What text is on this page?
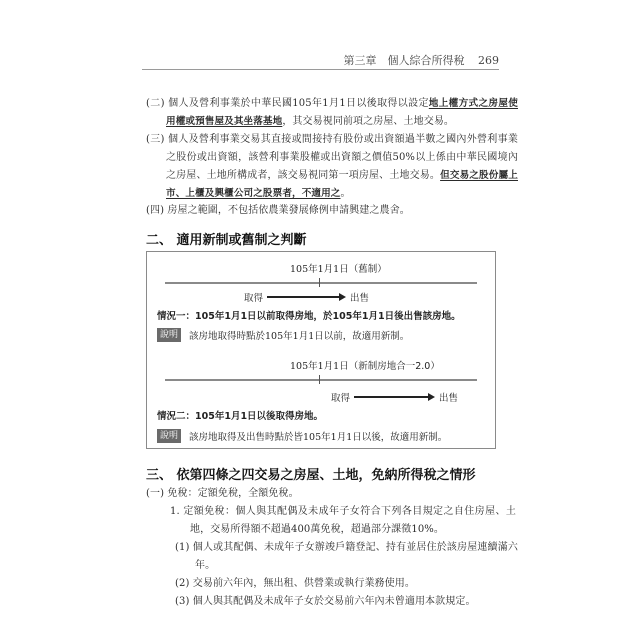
第三章　個人綜合所得稅 269
(二) 個人及營利事業於中華民國105年1月1日以後取得以設定地上權方式之房屋使用權或預售屋及其坐落基地，其交易視同前項之房屋、土地交易。
(三) 個人及營利事業交易其直接或間接持有股份或出資額過半數之國內外營利事業之股份或出資額，該營利事業股權或出資額之價值50%以上係由中華民國境內之房屋、土地所構成者，該交易視同第一項房屋、土地交易。但交易之股份屬上市、上櫃及興櫃公司之股票者，不適用之。
(四) 房屋之範圍，不包括依農業發展條例申請興建之農舍。
二、 適用新制或舊制之判斷
105年1月1日（舊制）
取得	出售
情況一：105年1月1日以前取得房地，於105年1月1日後出售該房地。
說明	該房地取得時點於105年1月1日以前，故適用新制。
105年1月1日（新制房地合一2.0）
取得	出售
情況二：105年1月1日以後取得房地。
說明	該房地取得及出售時點於皆105年1月1日以後，故適用新制。
三、 依第四條之四交易之房屋、土地，免納所得稅之情形
(一) 免稅：定額免稅，全額免稅。
1. 定額免稅：個人與其配偶及未成年子女符合下列各目規定之自住房屋、土地，交易所得額不超過400萬免稅，超過部分課徵10%。
(1) 個人或其配偶、未成年子女辦竣戶籍登記、持有並居住於該房屋連續滿六年。
(2) 交易前六年內，無出租、供營業或執行業務使用。
(3) 個人與其配偶及未成年子女於交易前六年內未曾適用本款規定。
